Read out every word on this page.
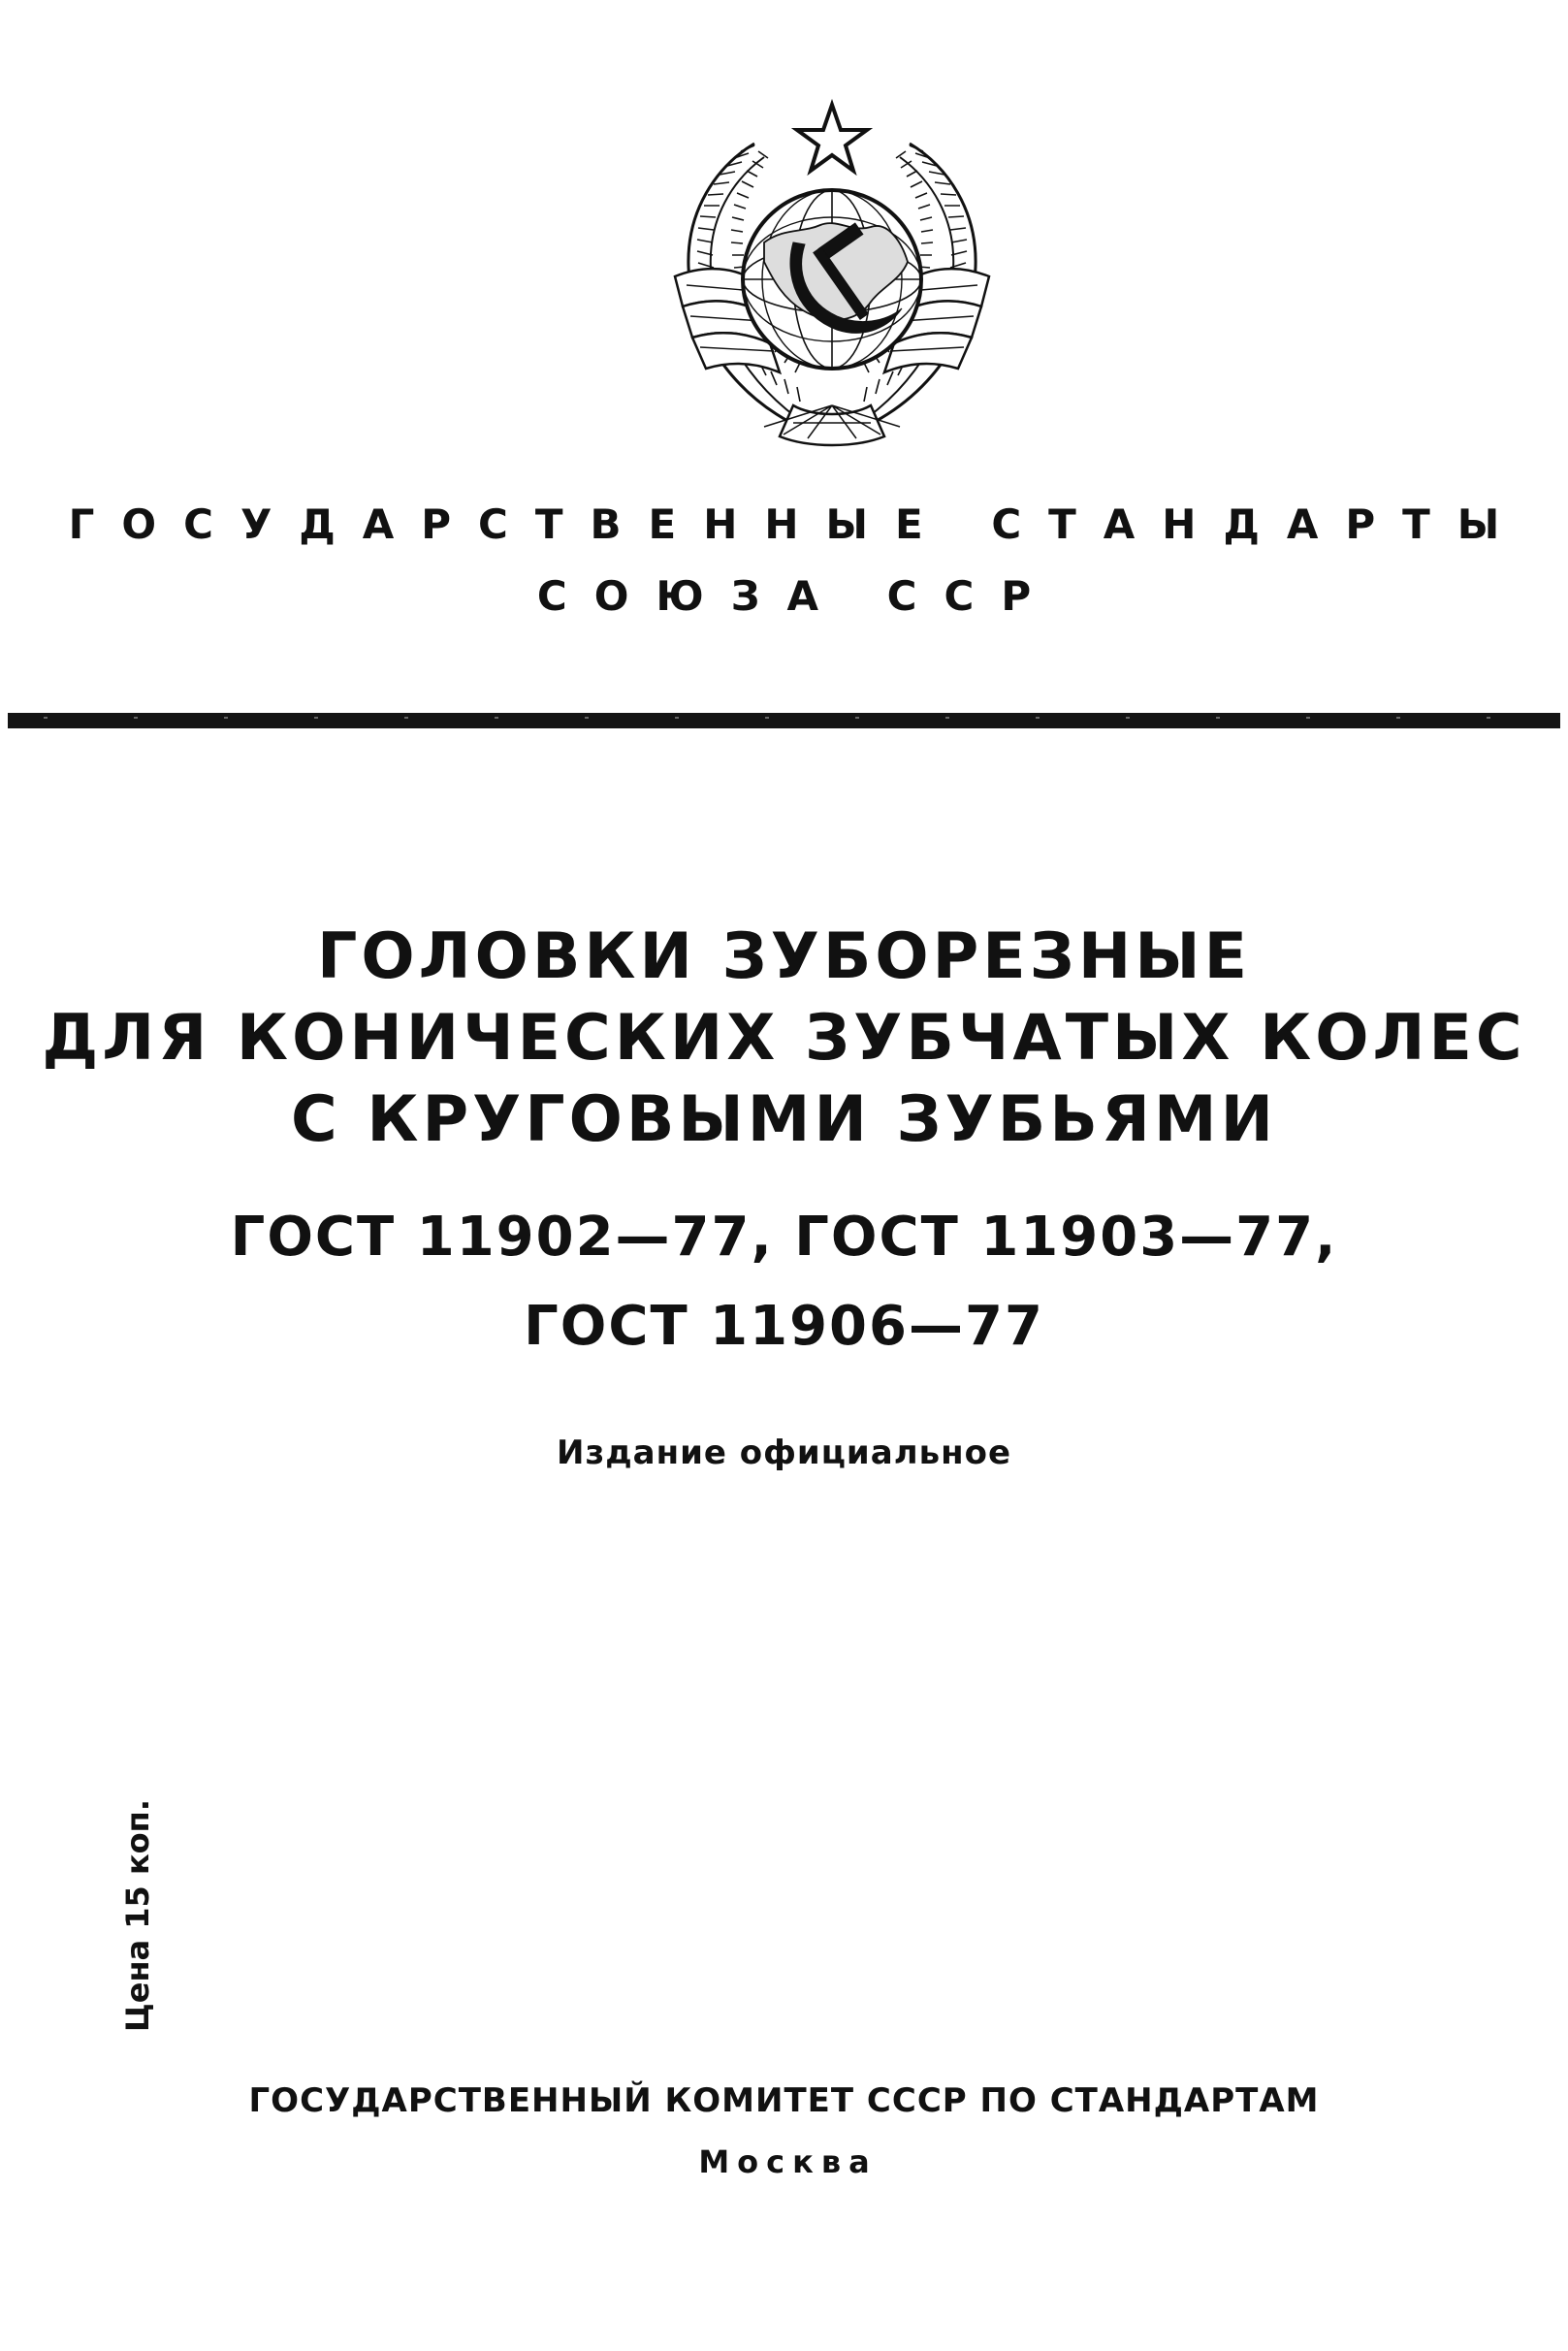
ГОСУДАРСТВЕННЫЕ СТАНДАРТЫ
СОЮЗА ССР
ГОЛОВКИ ЗУБОРЕЗНЫЕ
ДЛЯ КОНИЧЕСКИХ ЗУБЧАТЫХ КОЛЕС
С КРУГОВЫМИ ЗУБЬЯМИ
ГОСТ 11902—77, ГОСТ 11903—77,
ГОСТ 11906—77
Издание официальное
Цена 15 коп.
ГОСУДАРСТВЕННЫЙ КОМИТЕТ СССР ПО СТАНДАРТАМ
Москва
